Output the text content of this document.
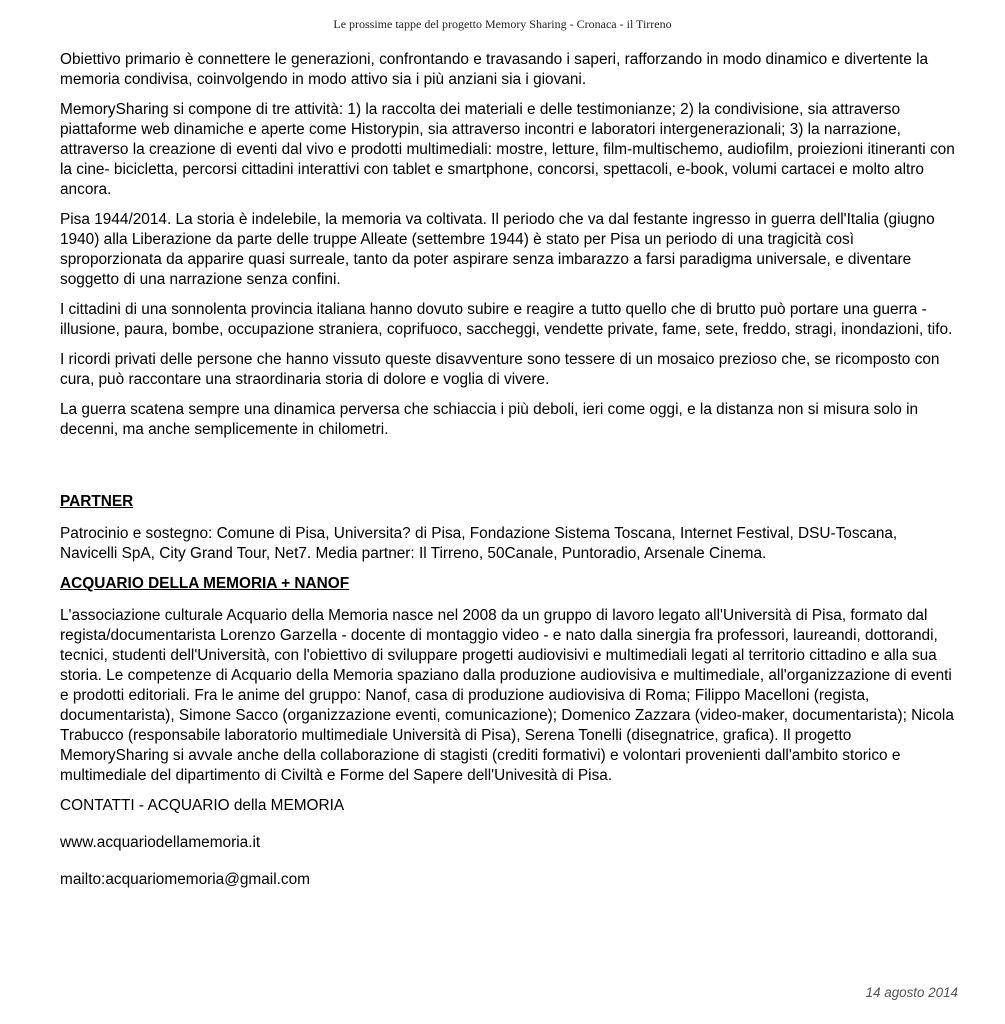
Le prossime tappe del progetto Memory Sharing - Cronaca - il Tirreno

Obiettivo primario è connettere le generazioni, confrontando e travasando i saperi, rafforzando in modo dinamico e divertente la memoria condivisa, coinvolgendo in modo attivo sia i più anziani sia i giovani.

MemorySharing si compone di tre attività: 1) la raccolta dei materiali e delle testimonianze; 2) la condivisione, sia attraverso piattaforme web dinamiche e aperte come Historypin, sia attraverso incontri e laboratori intergenerazionali; 3) la narrazione, attraverso la creazione di eventi dal vivo e prodotti multimediali: mostre, letture, film-multischemo, audiofilm, proiezioni itineranti con la cine- bicicletta, percorsi cittadini interattivi con tablet e smartphone, concorsi, spettacoli, e-book, volumi cartacei e molto altro ancora.

Pisa 1944/2014. La storia è indelebile, la memoria va coltivata. Il periodo che va dal festante ingresso in guerra dell'Italia (giugno 1940) alla Liberazione da parte delle truppe Alleate (settembre 1944) è stato per Pisa un periodo di una tragicità così sproporzionata da apparire quasi surreale, tanto da poter aspirare senza imbarazzo a farsi paradigma universale, e diventare soggetto di una narrazione senza confini.

I cittadini di una sonnolenta provincia italiana hanno dovuto subire e reagire a tutto quello che di brutto può portare una guerra - illusione, paura, bombe, occupazione straniera, coprifuoco, saccheggi, vendette private, fame, sete, freddo, stragi, inondazioni, tifo.

I ricordi privati delle persone che hanno vissuto queste disavventure sono tessere di un mosaico prezioso che, se ricomposto con cura, può raccontare una straordinaria storia di dolore e voglia di vivere.

La guerra scatena sempre una dinamica perversa che schiaccia i più deboli, ieri come oggi, e la distanza non si misura solo in decenni, ma anche semplicemente in chilometri.

PARTNER

Patrocinio e sostegno: Comune di Pisa, Universita? di Pisa, Fondazione Sistema Toscana, Internet Festival, DSU-Toscana, Navicelli SpA, City Grand Tour, Net7. Media partner: Il Tirreno, 50Canale, Puntoradio, Arsenale Cinema.

ACQUARIO DELLA MEMORIA + NANOF

L'associazione culturale Acquario della Memoria nasce nel 2008 da un gruppo di lavoro legato all'Università di Pisa, formato dal regista/documentarista Lorenzo Garzella - docente di montaggio video - e nato dalla sinergia fra professori, laureandi, dottorandi, tecnici, studenti dell'Università, con l'obiettivo di sviluppare progetti audiovisivi e multimediali legati al territorio cittadino e alla sua storia. Le competenze di Acquario della Memoria spaziano dalla produzione audiovisiva e multimediale, all'organizzazione di eventi e prodotti editoriali. Fra le anime del gruppo: Nanof, casa di produzione audiovisiva di Roma; Filippo Macelloni (regista, documentarista), Simone Sacco (organizzazione eventi, comunicazione); Domenico Zazzara (video-maker, documentarista); Nicola Trabucco (responsabile laboratorio multimediale Università di Pisa), Serena Tonelli (disegnatrice, grafica). Il progetto MemorySharing si avvale anche della collaborazione di stagisti (crediti formativi) e volontari provenienti dall'ambito storico e multimediale del dipartimento di Civiltà e Forme del Sapere dell'Univesità di Pisa.

CONTATTI - ACQUARIO della MEMORIA

www.acquariodellamemoria.it

mailto:acquariomemoria@gmail.com

14 agosto 2014
